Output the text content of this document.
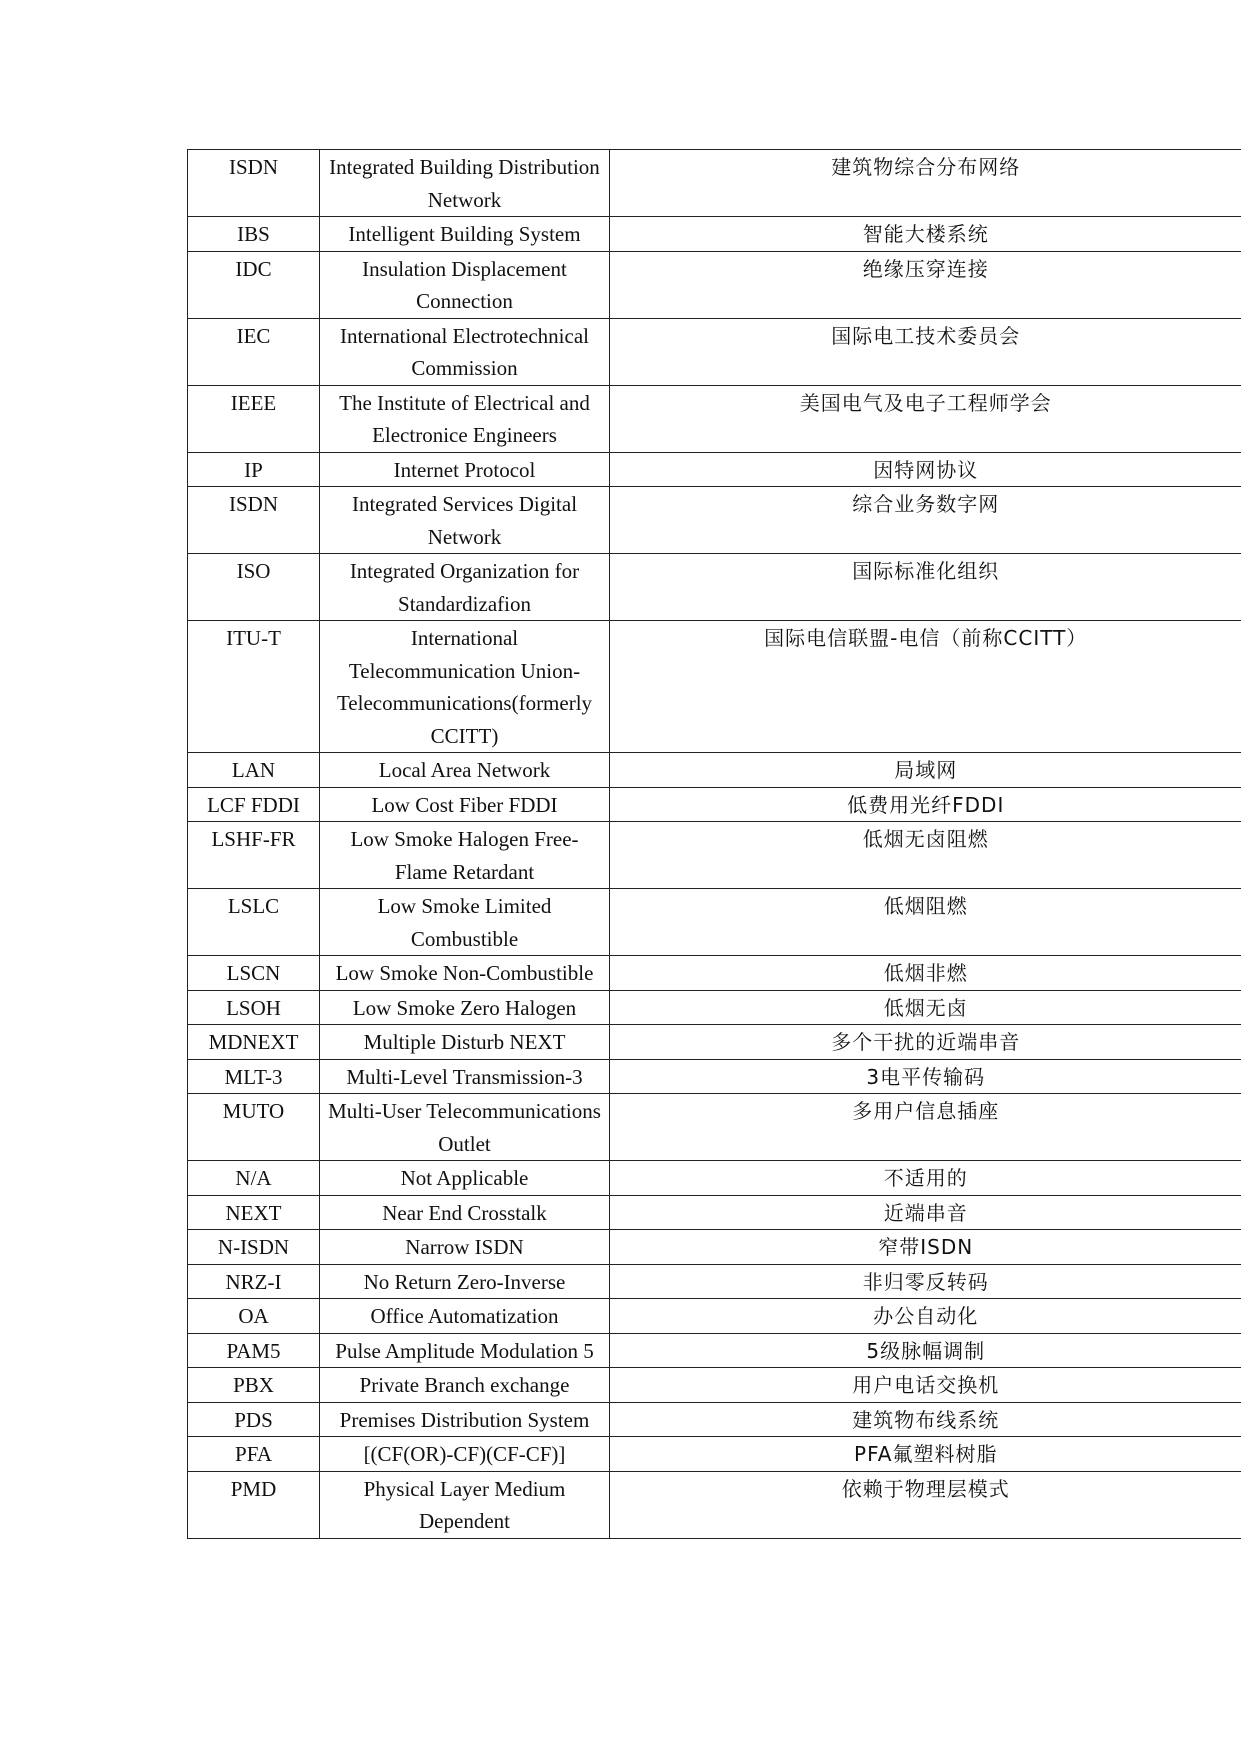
ISDN	Integrated Building Distribution Network	建筑物综合分布网络
IBS	Intelligent Building System	智能大楼系统
IDC	Insulation Displacement Connection	绝缘压穿连接
IEC	International Electrotechnical Commission	国际电工技术委员会
IEEE	The Institute of Electrical and Electronice Engineers	美国电气及电子工程师学会
IP	Internet Protocol	因特网协议
ISDN	Integrated Services Digital Network	综合业务数字网
ISO	Integrated Organization for Standardizafion	国际标准化组织
ITU-T	International Telecommunication Union-Telecommunications(formerly CCITT)	国际电信联盟-电信（前称CCITT）
LAN	Local Area Network	局域网
LCF FDDI	Low Cost Fiber FDDI	低费用光纤FDDI
LSHF-FR	Low Smoke Halogen Free-Flame Retardant	低烟无卤阻燃
LSLC	Low Smoke Limited Combustible	低烟阻燃
LSCN	Low Smoke Non-Combustible	低烟非燃
LSOH	Low Smoke Zero Halogen	低烟无卤
MDNEXT	Multiple Disturb NEXT	多个干扰的近端串音
MLT-3	Multi-Level Transmission-3	3电平传输码
MUTO	Multi-User Telecommunications Outlet	多用户信息插座
N/A	Not Applicable	不适用的
NEXT	Near End Crosstalk	近端串音
N-ISDN	Narrow ISDN	窄带ISDN
NRZ-I	No Return Zero-Inverse	非归零反转码
OA	Office Automatization	办公自动化
PAM5	Pulse Amplitude Modulation 5	5级脉幅调制
PBX	Private Branch exchange	用户电话交换机
PDS	Premises Distribution System	建筑物布线系统
PFA	[(CF(OR)-CF)(CF-CF)]	PFA氟塑料树脂
PMD	Physical Layer Medium Dependent	依赖于物理层模式
